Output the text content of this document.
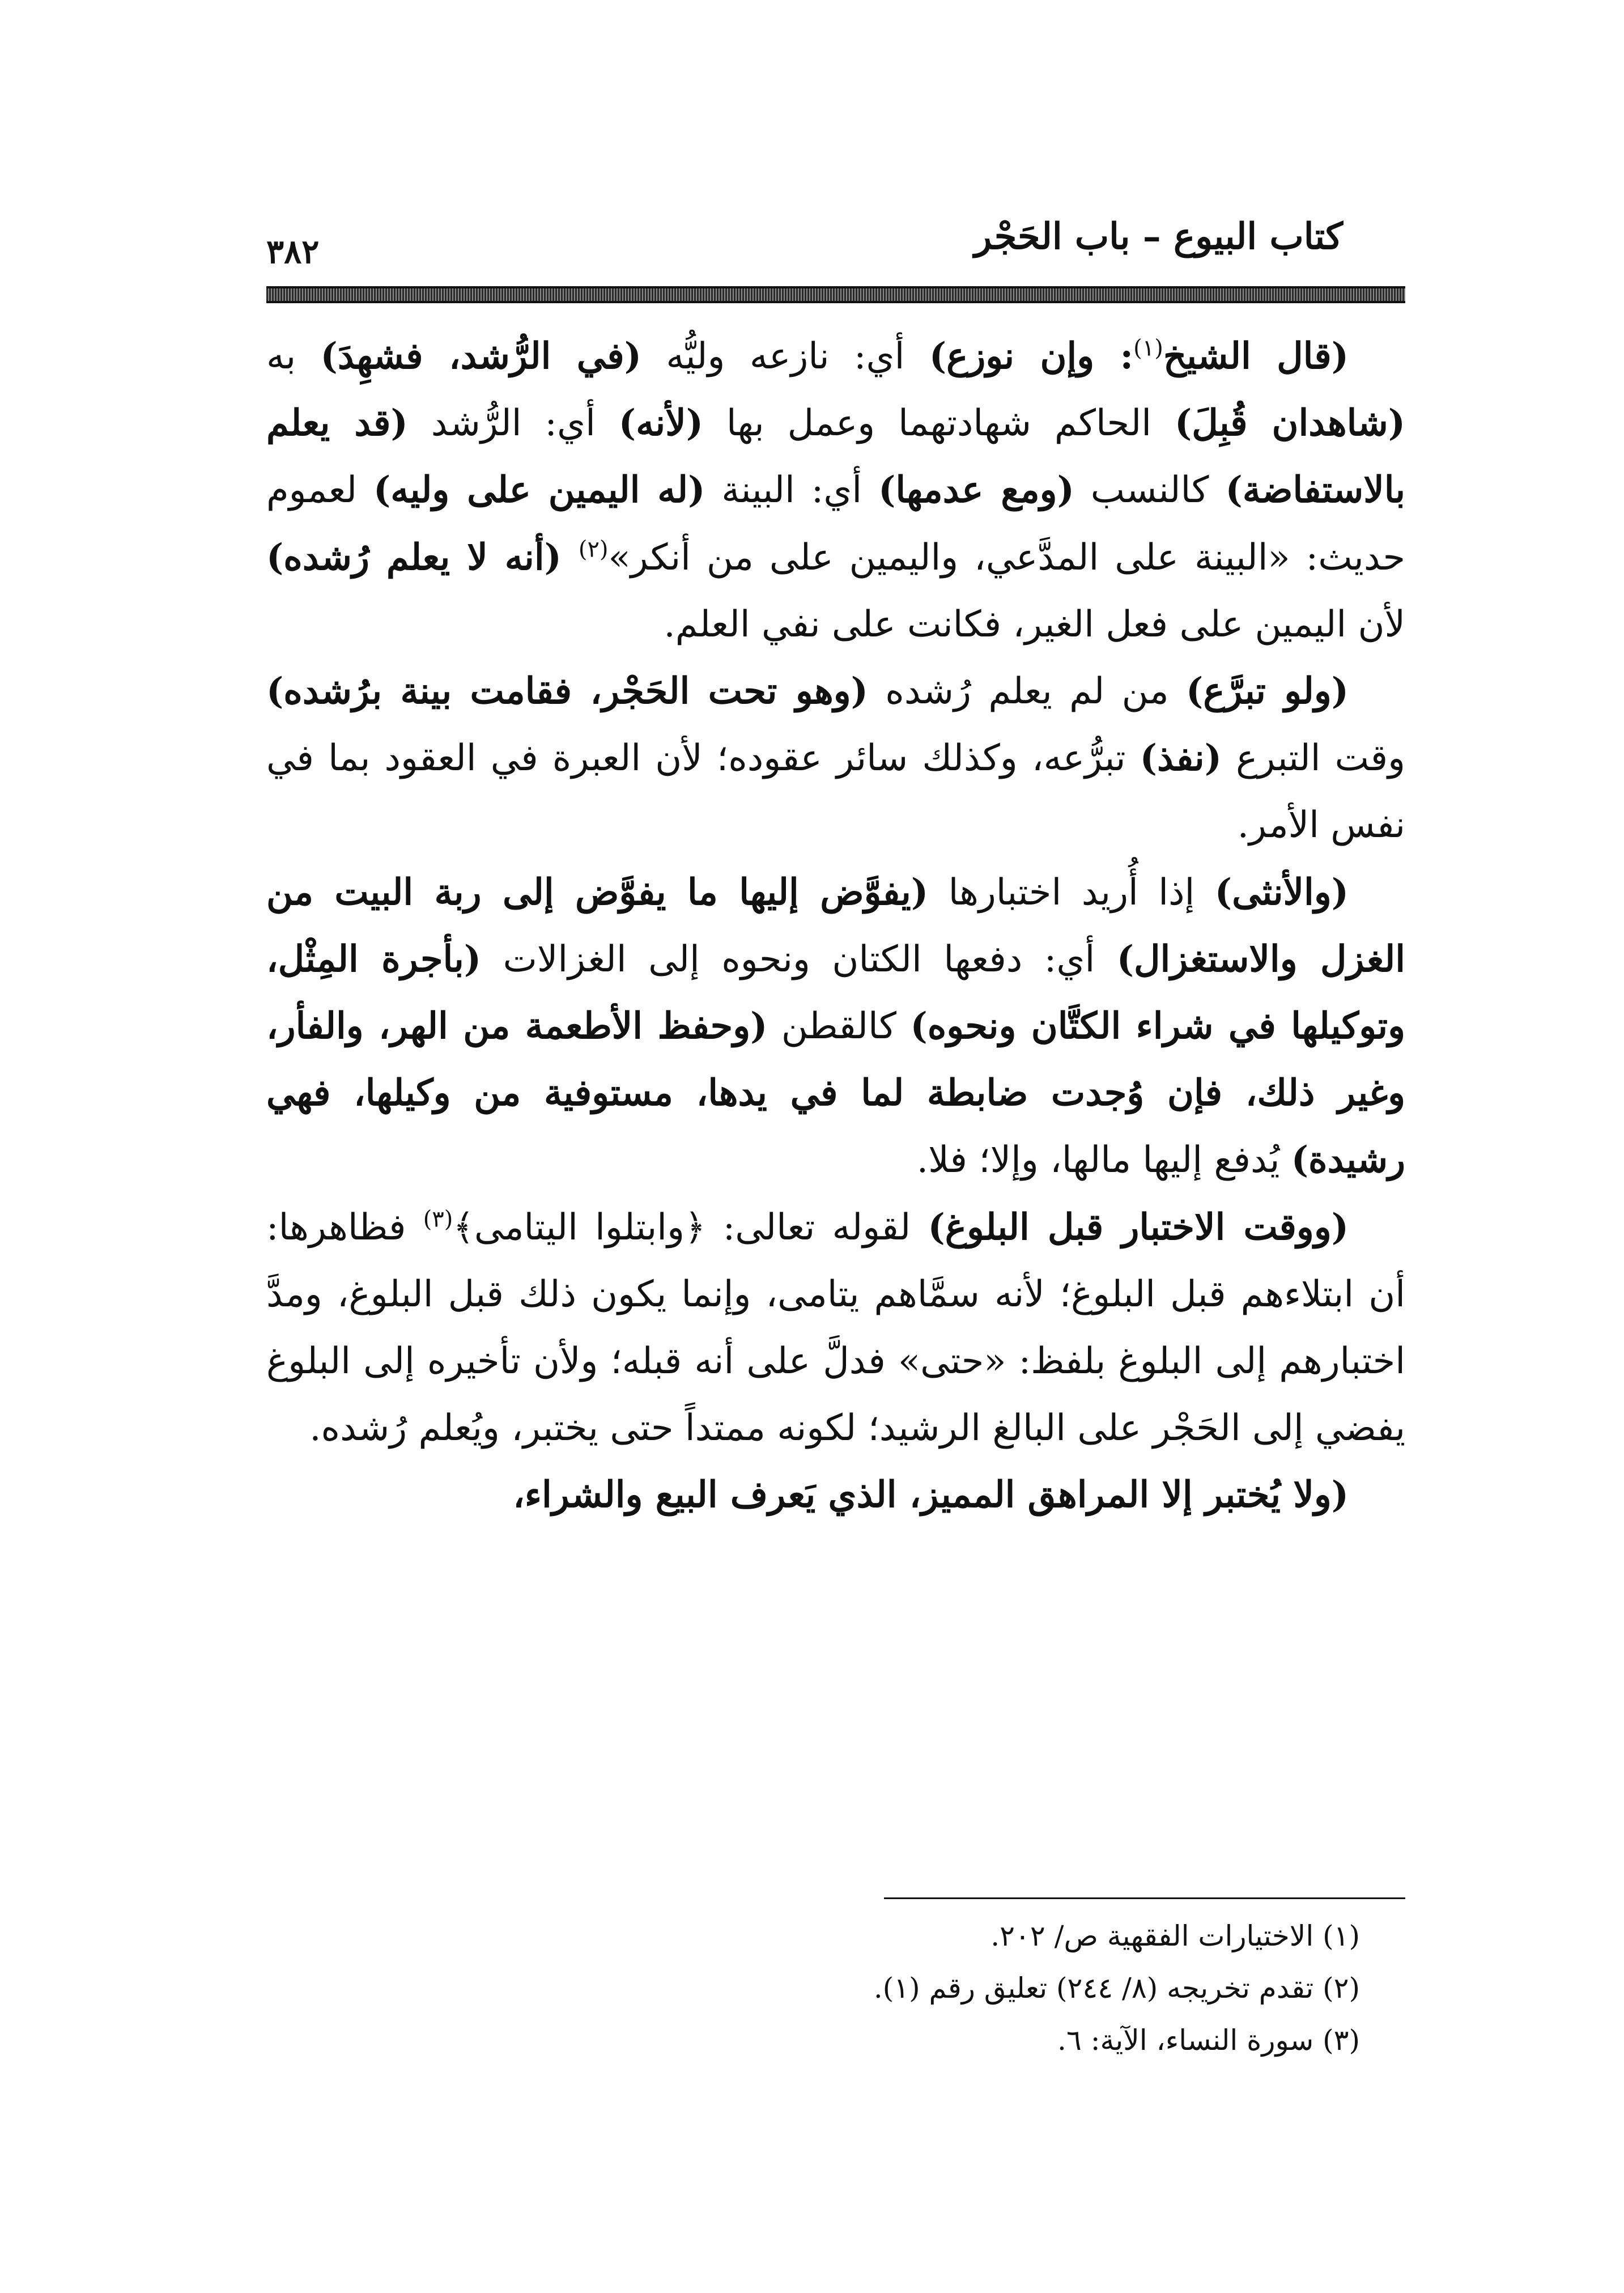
كتاب البيوع – باب الحَجْر
٣٨٢

(قال الشيخ$^{(١)}$: وإن نوزع) أي: نازعه وليُّه (في الرُّشد، فشهِدَ) به (شاهدان قُبِلَ) الحاكم شهادتهما وعمل بها (لأنه) أي: الرُّشد (قد يعلم بالاستفاضة) كالنسب (ومع عدمها) أي: البينة (له اليمين على وليه) لعموم حديث: «البينة على المدَّعي، واليمين على من أنكر»$^{(٢)}$ (أنه لا يعلم رُشده) لأن اليمين على فعل الغير، فكانت على نفي العلم.

(ولو تبرَّع) من لم يعلم رُشده (وهو تحت الحَجْر، فقامت بينة برُشده) وقت التبرع (نفذ) تبرُّعه، وكذلك سائر عقوده؛ لأن العبرة في العقود بما في نفس الأمر.

(والأنثى) إذا أُريد اختبارها (يفوَّض إليها ما يفوَّض إلى ربة البيت من الغزل والاستغزال) أي: دفعها الكتان ونحوه إلى الغزالات (بأجرة المِثْل، وتوكيلها في شراء الكتَّان ونحوه) كالقطن (وحفظ الأطعمة من الهر، والفأر، وغير ذلك، فإن وُجدت ضابطة لما في يدها، مستوفية من وكيلها، فهي رشيدة) يُدفع إليها مالها، وإلا؛ فلا.

(ووقت الاختبار قبل البلوغ) لقوله تعالى: ﴿وابتلوا اليتامى﴾$^{(٣)}$ فظاهرها: أن ابتلاءهم قبل البلوغ؛ لأنه سمَّاهم يتامى، وإنما يكون ذلك قبل البلوغ، ومدَّ اختبارهم إلى البلوغ بلفظ: «حتى» فدلَّ على أنه قبله؛ ولأن تأخيره إلى البلوغ يفضي إلى الحَجْر على البالغ الرشيد؛ لكونه ممتداً حتى يختبر، ويُعلم رُشده.

(ولا يُختبر إلا المراهق المميز، الذي يَعرف البيع والشراء،

(١) الاختيارات الفقهية ص/ ٢٠٢.

(٢) تقدم تخريجه (٨/ ٢٤٤) تعليق رقم (١).

(٣) سورة النساء، الآية: ٦.
